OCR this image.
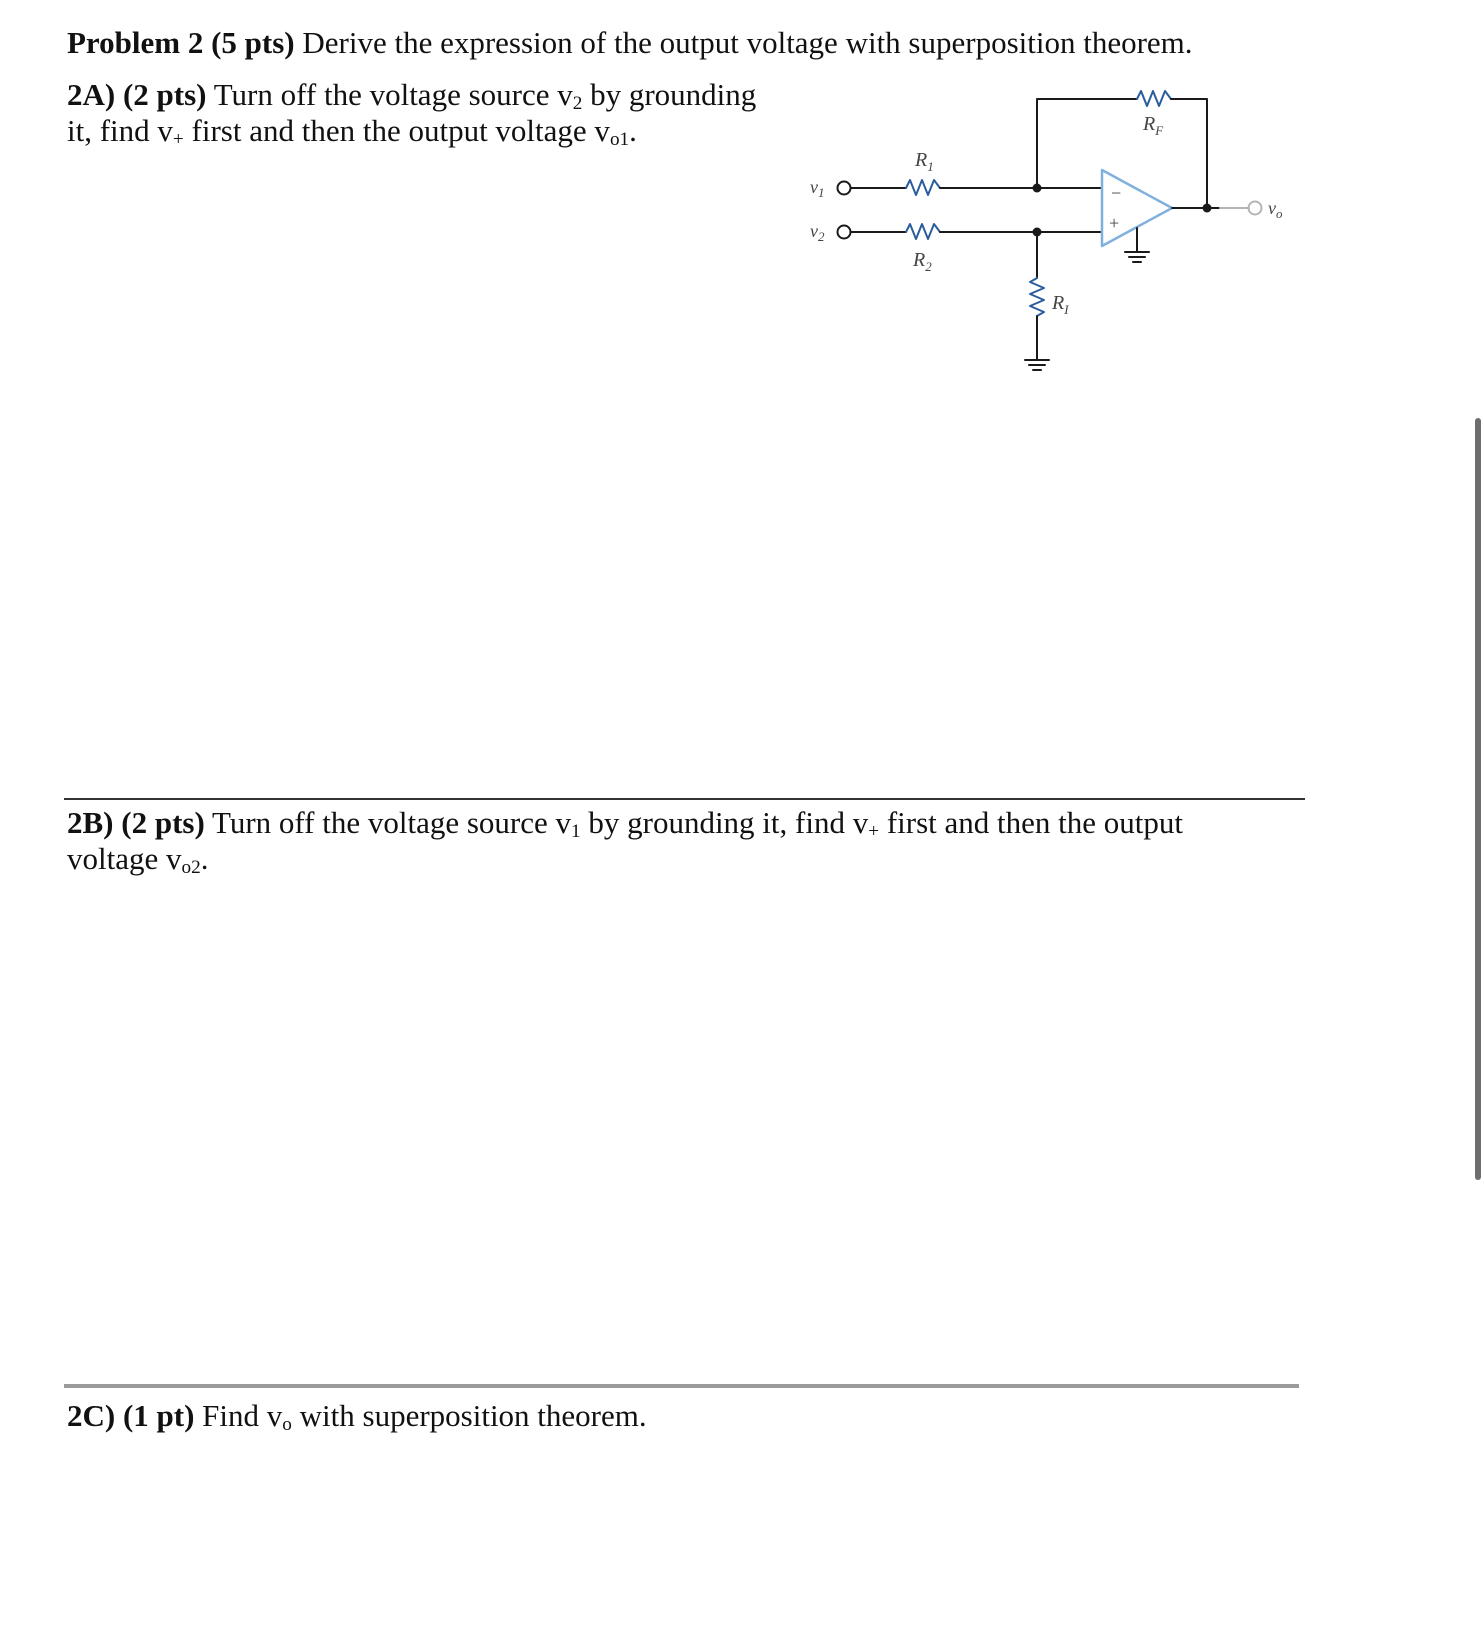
Problem 2 (5 pts) Derive the expression of the output voltage with superposition theorem.
2A) (2 pts) Turn off the voltage source $v_2$ by grounding
it, find $v_+$ first and then the output voltage $v_{o1}$.
−
+
$v_1$
$v_2$
$R_1$
$R_2$
$R_F$
$R_I$
$v_o$
2B) (2 pts) Turn off the voltage source $v_1$ by grounding it, find $v_+$ first and then the output
voltage $v_{o2}$.
2C) (1 pt) Find $v_o$ with superposition theorem.
